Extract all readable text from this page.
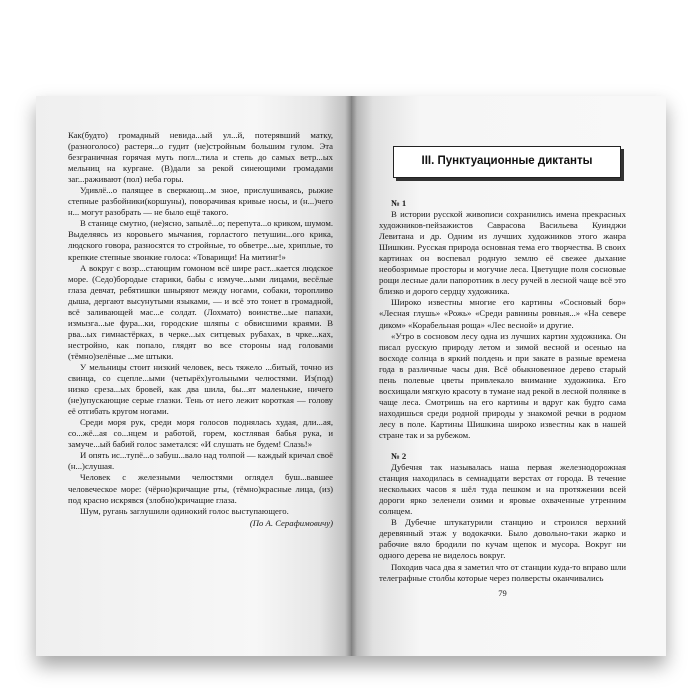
Как(будто) громадный невида...ый ул...й, потерявший матку, (разноголосо) растеря...о гудит (не)стройным большим гулом. Эта безграничная горячая муть погл...тила и степь до самых ветр...ых мельниц на кургане. (В)дали за рекой синеющими громадами заг...раживают (пол) неба горы.

Удивлё...о палящее в сверкающ...м зное, прислушиваясь, рыжие степные разбойники(коршуны), поворачивая кривые носы, и (н...)чего н... могут разобрать — не было ещё такого.

В станице смутно, (не)ясно, запылё...о; перепута...о криком, шумом. Выделяясь из коровьего мычания, горластого петушин...ого крика, людского говора, разносятся то стройные, то обветре...ые, хриплые, то крепкие степные звонкие голоса: «Товарищи! На митинг!»

А вокруг с возр...стающим гомоном всё шире раст...кается людское море. (Седо)бородые старики, бабы с измуче...ыми лицами, весёлые глаза девчат, ребятишки шныряют между ногами, собаки, торопливо дыша, дергают высунутыми языками, — и всё это тонет в громадной, всё заливающей мас...е солдат. (Лохмато) воинстве...ые папахи, измызга...ые фура...ки, городские шляпы с обвисшими краями. В рва...ых гимнастёрках, в черке...ых ситцевых рубахах, в чрке...ках, нестройно, как попало, глядят во все стороны над головами (тёмно)зелёные ...ме штыки.

У мельницы стоит низкий человек, весь тяжело ...битый, точно из свинца, со сцепле...ыми (четырёх)угольными челюстями. Из(под) низко среза...ых бровей, как два шила, бы...ят маленькие, ничего (не)упускающие серые глазки. Тень от него лежит короткая — голову её отгибать кругом ногами.

Среди моря рук, среди моря голосов поднялась худая, дли...ая, со...жё...ая со...нцем и работой, горем, костлявая бабья рука, и замуче...ый бабий голос заметался: «И слушать не будем! Слазь!»

И опять ис...тупё...о забуш...вало над толпой — каждый кричал своё (н...)слушая.

Человек с железными челюстями оглядел буш...вавшее человеческое море: (чёрно)кричащие рты, (тёмно)красные лица, (из) под красно искрявся (злобно)кричащие глаза.

Шум, ругань заглушили одинокий голос выступающего.

(По А. Серафимовичу)

III. Пунктуационные диктанты

№ 1

В истории русской живописи сохранились имена прекрасных художников-пейзажистов Саврасова Васильева Куинджи Левитана и др. Одним из лучших художников этого жанра Шишкин. Русская природа основная тема его творчества. В своих картинах он воспевал родную землю её свежее дыхание необозримые просторы и могучие леса. Цветущие поля сосновые рощи лесные дали папоротник в лесу ручей в лесной чаще всё это близко и дорого сердцу художника.

Широко известны многие его картины «Сосновый бор» «Лесная глушь» «Рожь» «Среди равнины ровныя...» «На севере диком» «Корабельная роща» «Лес весной» и другие.

«Утро в сосновом лесу одна из лучших картин художника. Он писал русскую природу летом и зимой весной и осенью на восходе солнца в яркий полдень и при закате в разные времена года в различные часы дня. Всё обыкновенное дерево старый пень полевые цветы привлекало внимание художника. Его восхищали мягкую красоту в тумане над рекой в лесной полянке в чаще леса. Смотришь на его картины и вдруг как будто сама находишься среди родной природы у знакомой речки в родном лесу в поле. Картины Шишкина широко известны как в нашей стране так и за рубежом.

№ 2

Дубечня так называлась наша первая железнодорожная станция находилась в семнадцати верстах от города. В течение нескольких часов я шёл туда пешком и на протяжении всей дороги ярко зеленели озими и яровые охваченные утренним солнцем.

В Дубечне штукатурили станцию и строился верхний деревянный этаж у водокачки. Было довольно-таки жарко и рабочие вяло бродили по кучам щепок и мусора. Вокруг ни одного дерева не виделось вокруг.

Походив часа два я заметил что от станции куда-то вправо шли телеграфные столбы которые через полверсты оканчивались

79
